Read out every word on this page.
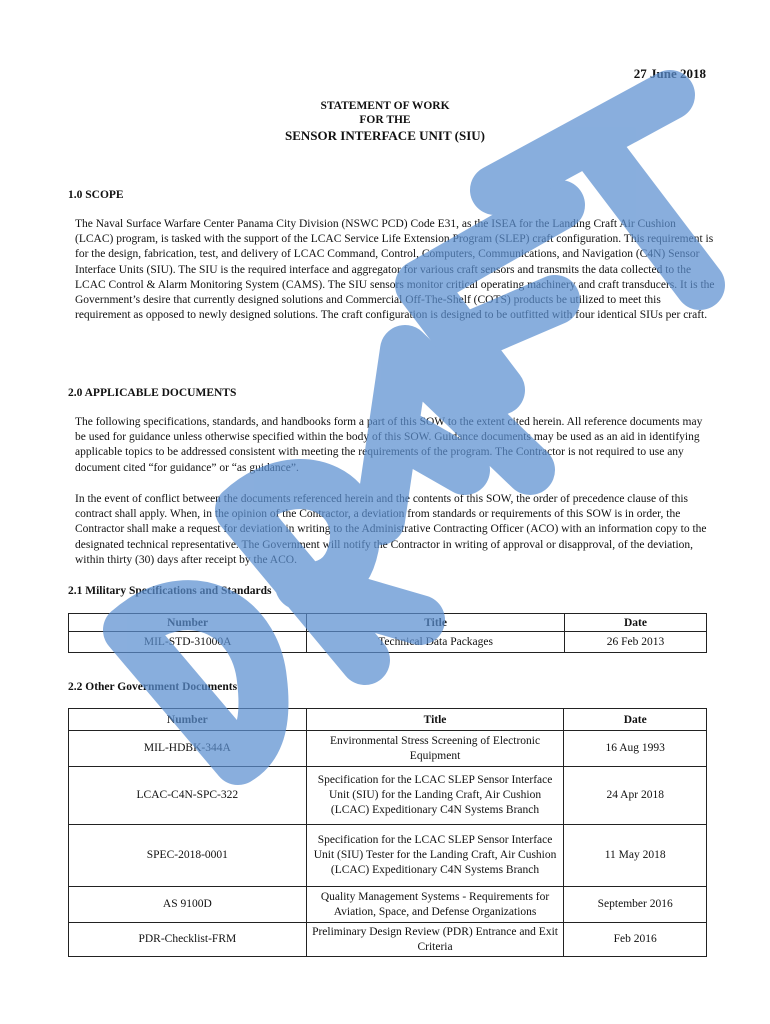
27 June 2018
STATEMENT OF WORK
FOR THE
SENSOR INTERFACE UNIT (SIU)
1.0 SCOPE

The Naval Surface Warfare Center Panama City Division (NSWC PCD) Code E31, as the ISEA for the Landing Craft Air Cushion (LCAC) program, is tasked with the support of the LCAC Service Life Extension Program (SLEP) craft configuration. This requirement is for the design, fabrication, test, and delivery of LCAC Command, Control, Computers, Communications, and Navigation (C4N) Sensor Interface Units (SIU). The SIU is the required interface and aggregator for various craft sensors and transmits the data collected to the LCAC Control & Alarm Monitoring System (CAMS). The SIU sensors monitor critical operating machinery and craft transducers. It is the Government’s desire that currently designed solutions and Commercial Off-The-Shelf (COTS) products be utilized to meet this requirement as opposed to newly designed solutions. The craft configuration is designed to be outfitted with four identical SIUs per craft.

2.0 APPLICABLE DOCUMENTS

The following specifications, standards, and handbooks form a part of this SOW to the extent cited herein. All reference documents may be used for guidance unless otherwise specified within the body of this SOW. Guidance documents may be used as an aid in identifying applicable topics to be addressed consistent with meeting the requirements of the program. The Contractor is not required to use any document cited “for guidance” or “as guidance”.

In the event of conflict between the documents referenced herein and the contents of this SOW, the order of precedence clause of this contract shall apply. When, in the opinion of the Contractor, a deviation from standards or requirements of this SOW is in order, the Contractor shall make a request for deviation in writing to the Administrative Contracting Officer (ACO) with an information copy to the designated technical representative. The Government will notify the Contractor in writing of approval or disapproval, of the deviation, within thirty (30) days after receipt by the ACO.

2.1 Military Specifications and Standards
Number	Title	Date
MIL-STD-31000A	Technical Data Packages	26 Feb 2013
2.2 Other Government Documents
Number	Title	Date
MIL-HDBK-344A	Environmental Stress Screening of Electronic Equipment	16 Aug 1993
LCAC-C4N-SPC-322	Specification for the LCAC SLEP Sensor Interface Unit (SIU) for the Landing Craft, Air Cushion (LCAC) Expeditionary C4N Systems Branch	24 Apr 2018
SPEC-2018-0001	Specification for the LCAC SLEP Sensor Interface Unit (SIU) Tester for the Landing Craft, Air Cushion (LCAC) Expeditionary C4N Systems Branch	11 May 2018
AS 9100D	Quality Management Systems - Requirements for Aviation, Space, and Defense Organizations	September 2016
PDR-Checklist-FRM	Preliminary Design Review (PDR) Entrance and Exit Criteria	Feb 2016
